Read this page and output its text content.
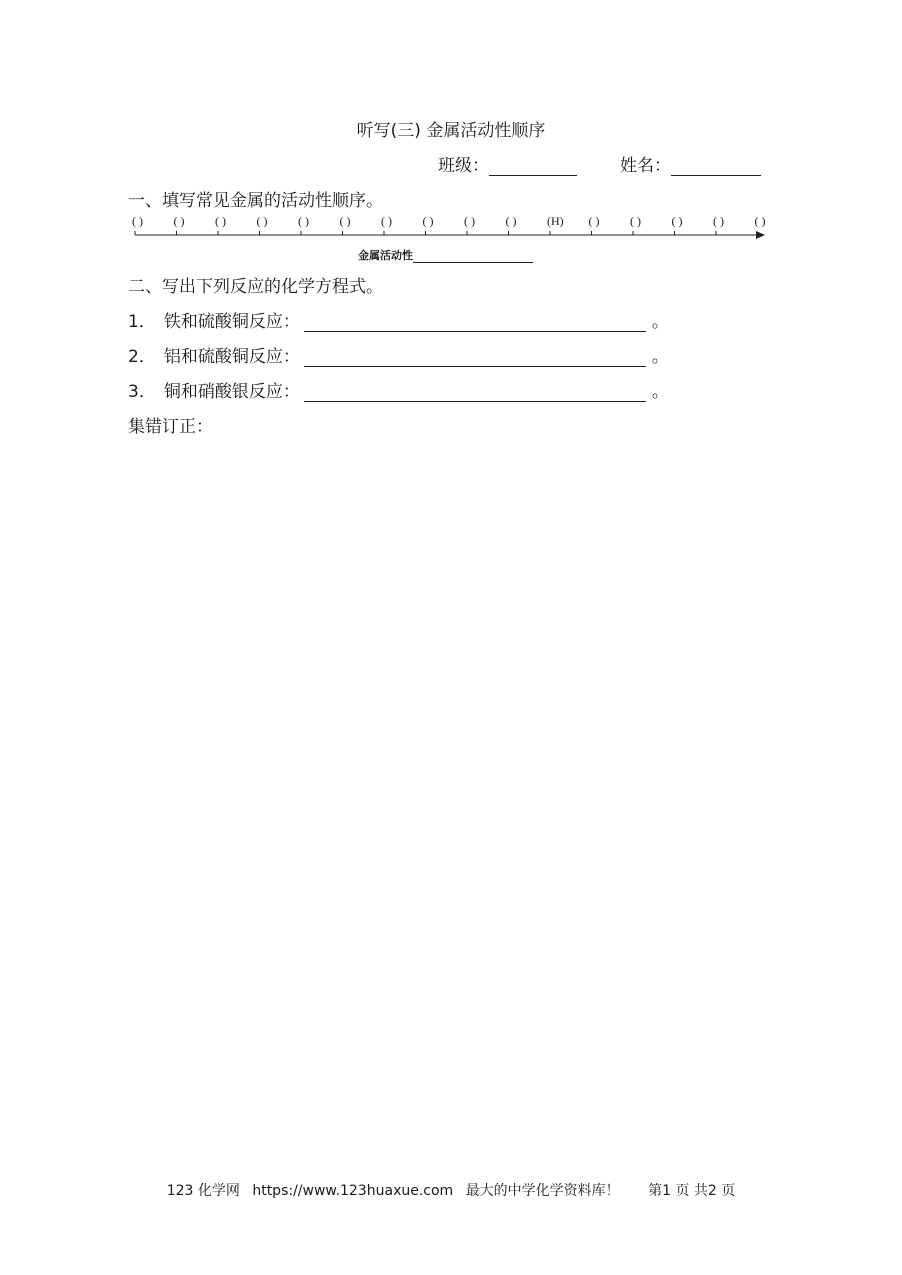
听写(三) 金属活动性顺序
班级：	姓名：
一、填写常见金属的活动性顺序。
( )	( )	( )	( )	( )	( )	( )	( )	( )	( )	(H) ( )	( )	( )	( )	( )
金属活动性
二、写出下列反应的化学方程式。
1． 铁和硫酸铜反应：	。
2． 铝和硫酸铜反应：	。
3． 铜和硝酸银反应：	。
集错订正：
123 化学网 https://www.123huaxue.com 最大的中学化学资料库！ 第1 页 共2 页
